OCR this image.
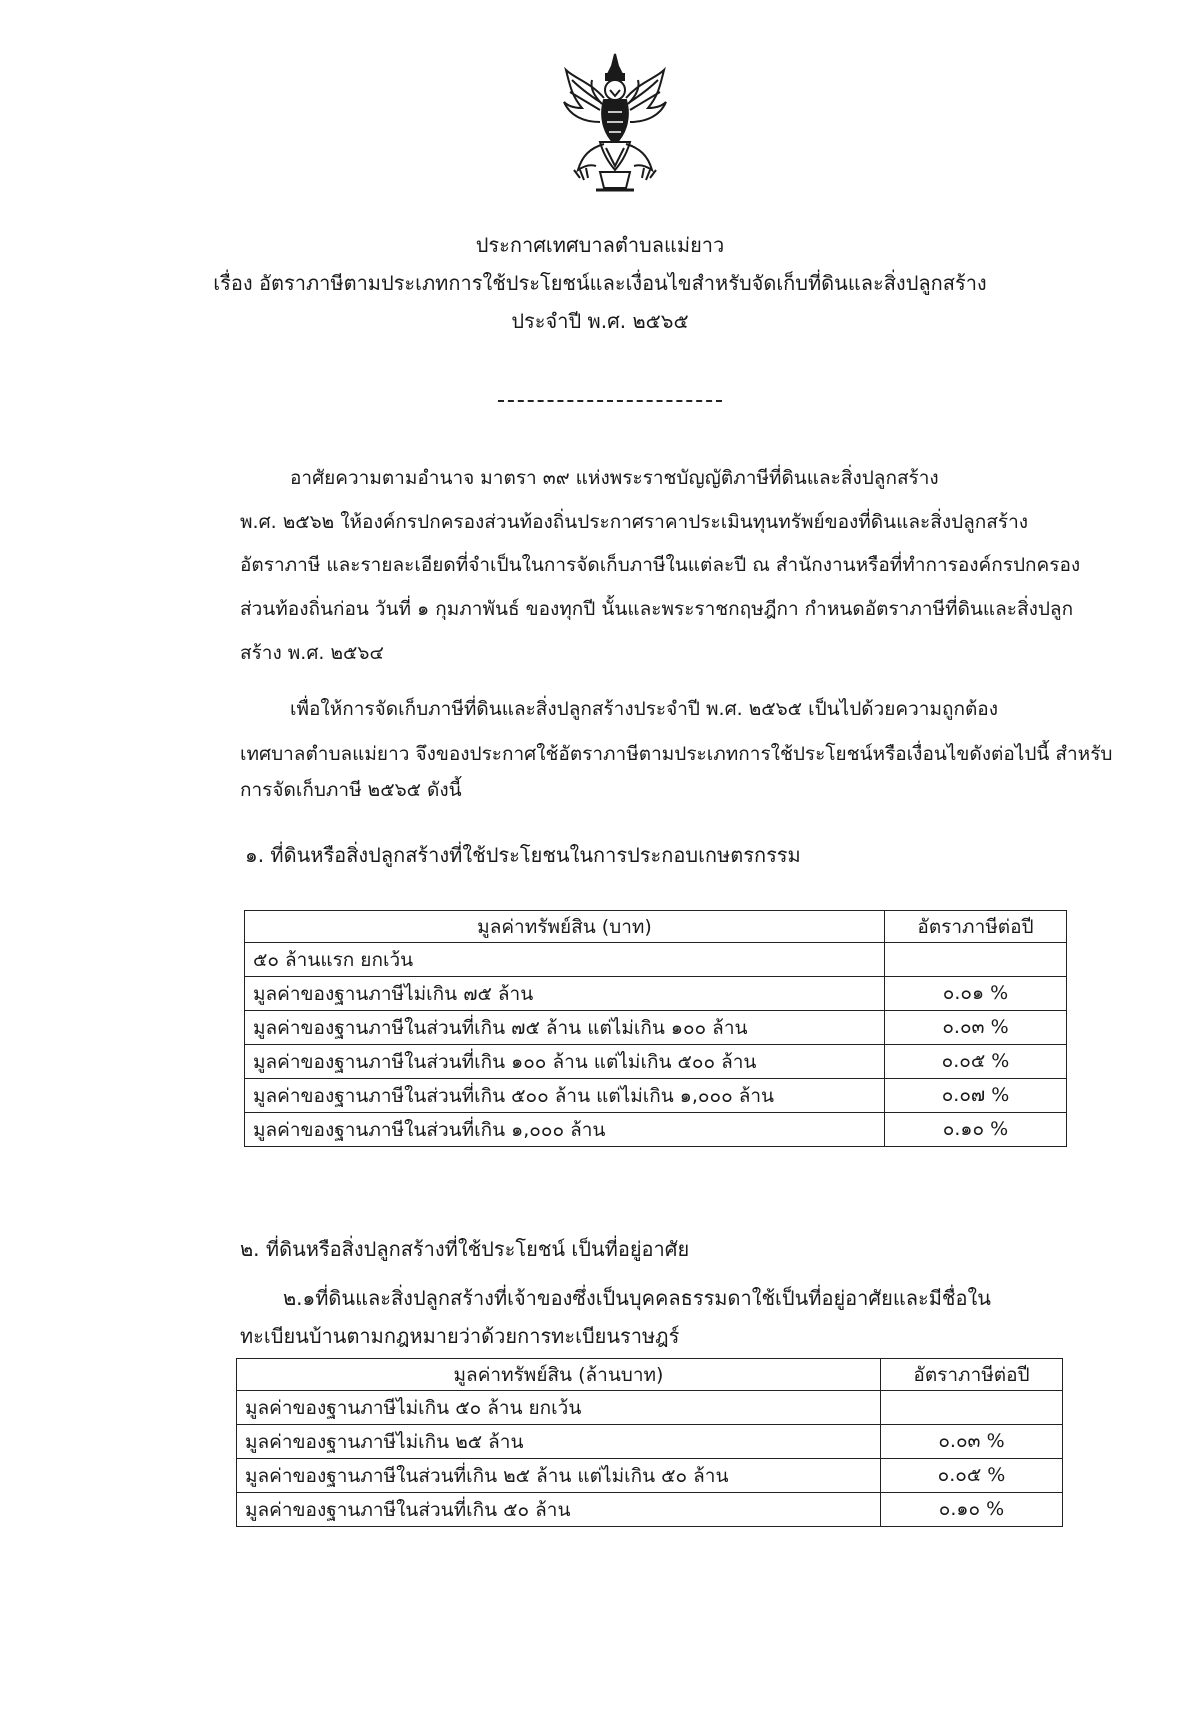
ประกาศเทศบาลตำบลแม่ยาว
เรื่อง อัตราภาษีตามประเภทการใช้ประโยชน์และเงื่อนไขสำหรับจัดเก็บที่ดินและสิ่งปลูกสร้าง
ประจำปี พ.ศ. ๒๕๖๕
อาศัยความตามอำนาจ มาตรา ๓๙ แห่งพระราชบัญญัติภาษีที่ดินและสิ่งปลูกสร้าง
พ.ศ. ๒๕๖๒ ให้องค์กรปกครองส่วนท้องถิ่นประกาศราคาประเมินทุนทรัพย์ของที่ดินและสิ่งปลูกสร้าง
อัตราภาษี และรายละเอียดที่จำเป็นในการจัดเก็บภาษีในแต่ละปี ณ สำนักงานหรือที่ทำการองค์กรปกครอง
ส่วนท้องถิ่นก่อน วันที่ ๑ กุมภาพันธ์ ของทุกปี นั้นและพระราชกฤษฎีกา กำหนดอัตราภาษีที่ดินและสิ่งปลูก
สร้าง พ.ศ. ๒๕๖๔
เพื่อให้การจัดเก็บภาษีที่ดินและสิ่งปลูกสร้างประจำปี พ.ศ. ๒๕๖๕ เป็นไปด้วยความถูกต้อง
เทศบาลตำบลแม่ยาว จึงของประกาศใช้อัตราภาษีตามประเภทการใช้ประโยชน์หรือเงื่อนไขดังต่อไปนี้ สำหรับ
การจัดเก็บภาษี ๒๕๖๕ ดังนี้
๑. ที่ดินหรือสิ่งปลูกสร้างที่ใช้ประโยชนในการประกอบเกษตรกรรม
มูลค่าทรัพย์สิน (บาท)	อัตราภาษีต่อปี
๕๐ ล้านแรก ยกเว้น	
มูลค่าของฐานภาษีไม่เกิน ๗๕ ล้าน	๐.๐๑ %
มูลค่าของฐานภาษีในส่วนที่เกิน ๗๕ ล้าน แต่ไม่เกิน ๑๐๐ ล้าน	๐.๐๓ %
มูลค่าของฐานภาษีในส่วนที่เกิน ๑๐๐ ล้าน แต่ไม่เกิน ๕๐๐ ล้าน	๐.๐๕ %
มูลค่าของฐานภาษีในส่วนที่เกิน ๕๐๐ ล้าน แต่ไม่เกิน ๑,๐๐๐ ล้าน	๐.๐๗ %
มูลค่าของฐานภาษีในส่วนที่เกิน ๑,๐๐๐ ล้าน	๐.๑๐ %
๒. ที่ดินหรือสิ่งปลูกสร้างที่ใช้ประโยชน์ เป็นที่อยู่อาศัย
๒.๑ที่ดินและสิ่งปลูกสร้างที่เจ้าของซึ่งเป็นบุคคลธรรมดาใช้เป็นที่อยู่อาศัยและมีชื่อใน
ทะเบียนบ้านตามกฎหมายว่าด้วยการทะเบียนราษฎร์
มูลค่าทรัพย์สิน (ล้านบาท)	อัตราภาษีต่อปี
มูลค่าของฐานภาษีไม่เกิน ๕๐ ล้าน ยกเว้น	
มูลค่าของฐานภาษีไม่เกิน ๒๕ ล้าน	๐.๐๓ %
มูลค่าของฐานภาษีในส่วนที่เกิน ๒๕ ล้าน แต่ไม่เกิน ๕๐ ล้าน	๐.๐๕ %
มูลค่าของฐานภาษีในส่วนที่เกิน ๕๐ ล้าน	๐.๑๐ %
